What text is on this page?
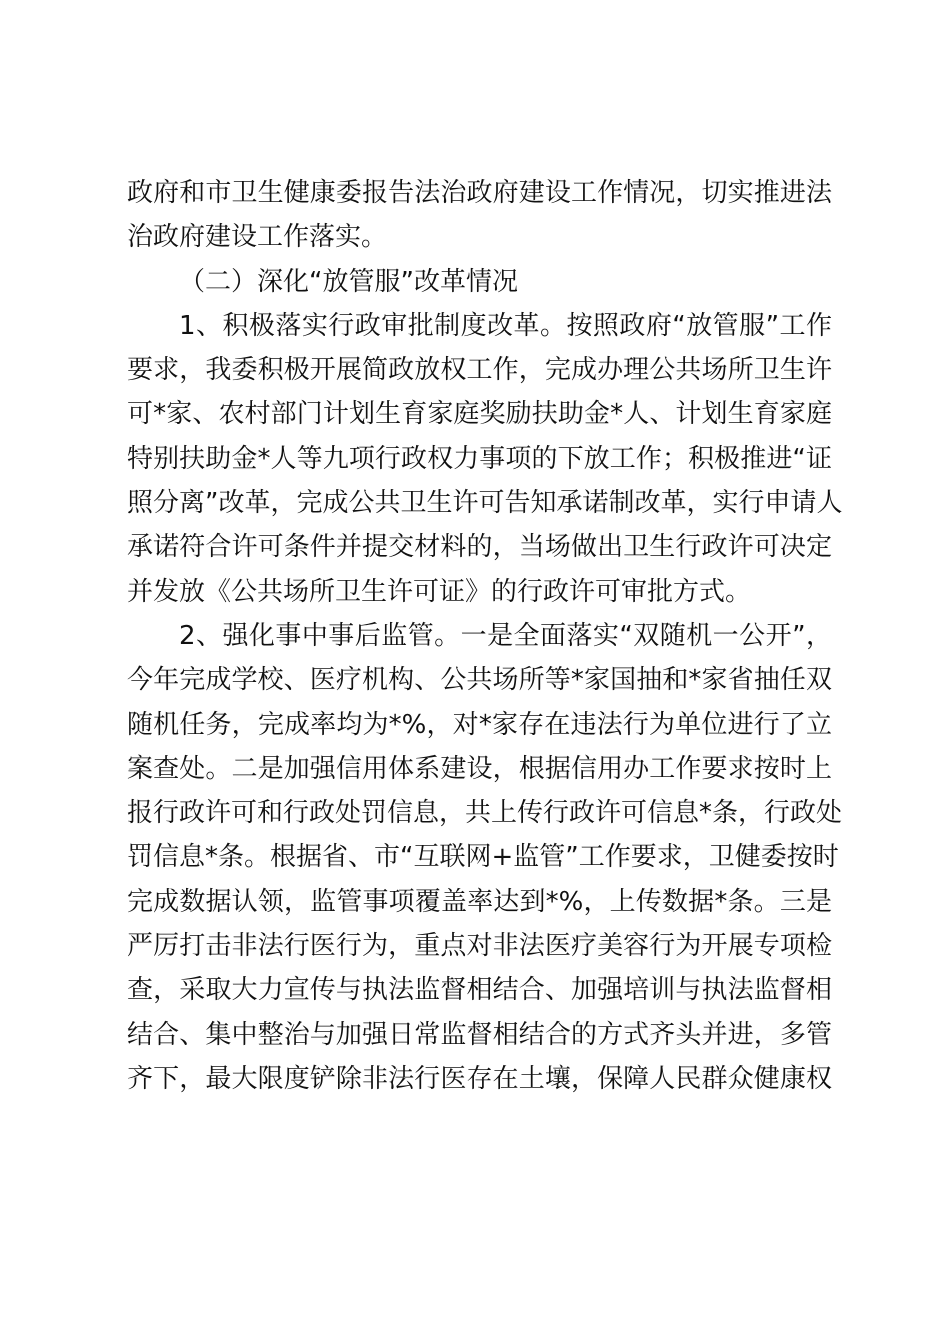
政府和市卫生健康委报告法治政府建设工作情况，切实推进法
治政府建设工作落实。
（二）深化“放管服”改革情况
1、积极落实行政审批制度改革。按照政府“放管服”工作
要求，我委积极开展简政放权工作，完成办理公共场所卫生许
可*家、农村部门计划生育家庭奖励扶助金*人、计划生育家庭
特别扶助金*人等九项行政权力事项的下放工作；积极推进“证
照分离”改革，完成公共卫生许可告知承诺制改革，实行申请人
承诺符合许可条件并提交材料的，当场做出卫生行政许可决定
并发放《公共场所卫生许可证》的行政许可审批方式。
2、强化事中事后监管。一是全面落实“双随机一公开”，
今年完成学校、医疗机构、公共场所等*家国抽和*家省抽任双
随机任务，完成率均为*%，对*家存在违法行为单位进行了立
案查处。二是加强信用体系建设，根据信用办工作要求按时上
报行政许可和行政处罚信息，共上传行政许可信息*条，行政处
罚信息*条。根据省、市“互联网+监管”工作要求，卫健委按时
完成数据认领，监管事项覆盖率达到*%，上传数据*条。三是
严厉打击非法行医行为，重点对非法医疗美容行为开展专项检
查，采取大力宣传与执法监督相结合、加强培训与执法监督相
结合、集中整治与加强日常监督相结合的方式齐头并进，多管
齐下，最大限度铲除非法行医存在土壤，保障人民群众健康权
